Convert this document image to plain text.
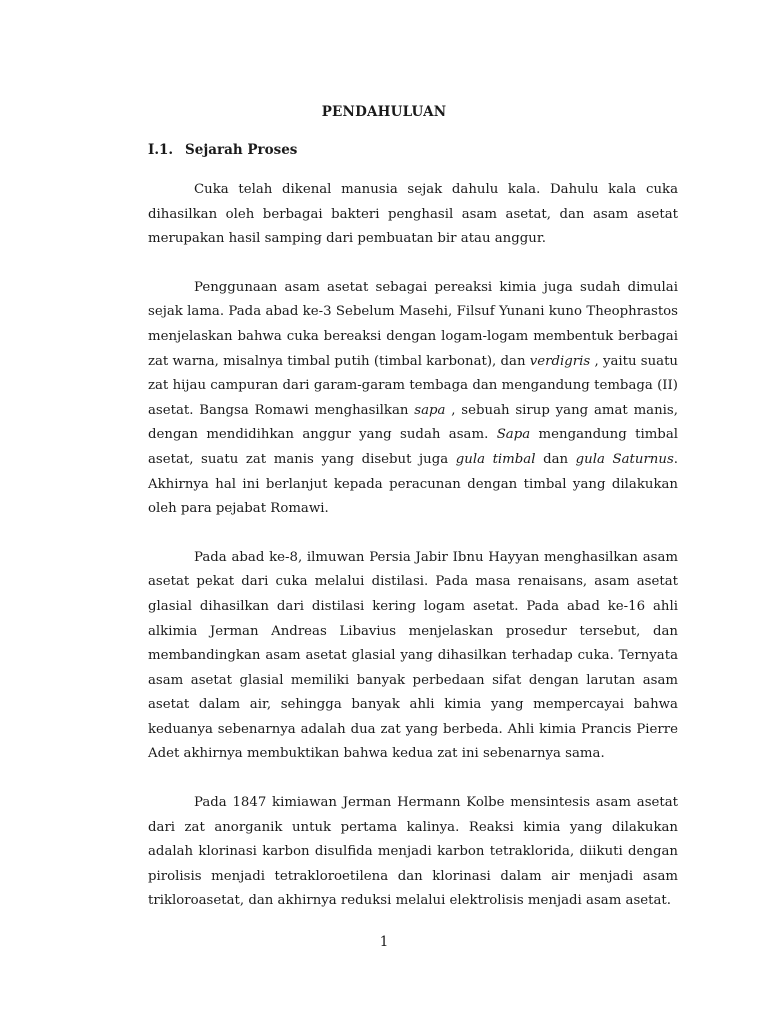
PENDAHULUAN
I.1. Sejarah Proses

Cuka telah dikenal manusia sejak dahulu kala. Dahulu kala cuka dihasilkan oleh berbagai bakteri penghasil asam asetat, dan asam asetat merupakan hasil samping dari pembuatan bir atau anggur.

Penggunaan asam asetat sebagai pereaksi kimia juga sudah dimulai sejak lama. Pada abad ke-3 Sebelum Masehi, Filsuf Yunani kuno Theophrastos menjelaskan bahwa cuka bereaksi dengan logam-logam membentuk berbagai zat warna, misalnya timbal putih (timbal karbonat), dan verdigris , yaitu suatu zat hijau campuran dari garam-garam tembaga dan mengandung tembaga (II) asetat. Bangsa Romawi menghasilkan sapa , sebuah sirup yang amat manis, dengan mendidihkan anggur yang sudah asam. Sapa mengandung timbal asetat, suatu zat manis yang disebut juga gula timbal dan gula Saturnus. Akhirnya hal ini berlanjut kepada peracunan dengan timbal yang dilakukan oleh para pejabat Romawi.

Pada abad ke-8, ilmuwan Persia Jabir Ibnu Hayyan menghasilkan asam asetat pekat dari cuka melalui distilasi. Pada masa renaisans, asam asetat glasial dihasilkan dari distilasi kering logam asetat. Pada abad ke-16 ahli alkimia Jerman Andreas Libavius menjelaskan prosedur tersebut, dan membandingkan asam asetat glasial yang dihasilkan terhadap cuka. Ternyata asam asetat glasial memiliki banyak perbedaan sifat dengan larutan asam asetat dalam air, sehingga banyak ahli kimia yang mempercayai bahwa keduanya sebenarnya adalah dua zat yang berbeda. Ahli kimia Prancis Pierre Adet akhirnya membuktikan bahwa kedua zat ini sebenarnya sama.

Pada 1847 kimiawan Jerman Hermann Kolbe mensintesis asam asetat dari zat anorganik untuk pertama kalinya. Reaksi kimia yang dilakukan adalah klorinasi karbon disulfida menjadi karbon tetraklorida, diikuti dengan pirolisis menjadi tetrakloroetilena dan klorinasi dalam air menjadi asam trikloroasetat, dan akhirnya reduksi melalui elektrolisis menjadi asam asetat.

1
